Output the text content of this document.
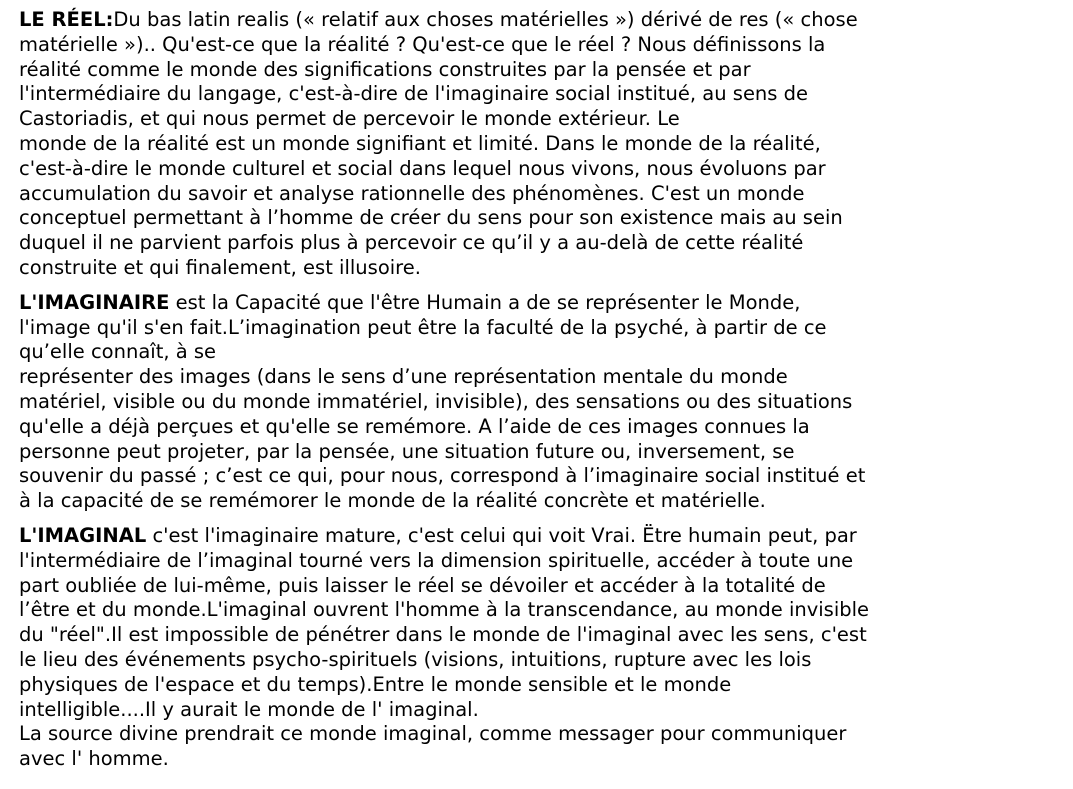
LE RÉEL:Du bas latin realis (« relatif aux choses matérielles ») dérivé de res (« chose
matérielle »).. Qu'est-ce que la réalité ? Qu'est-ce que le réel ? Nous définissons la
réalité comme le monde des significations construites par la pensée et par
l'intermédiaire du langage, c'est-à-dire de l'imaginaire social institué, au sens de
Castoriadis, et qui nous permet de percevoir le monde extérieur. Le
monde de la réalité est un monde signifiant et limité. Dans le monde de la réalité,
c'est-à-dire le monde culturel et social dans lequel nous vivons, nous évoluons par
accumulation du savoir et analyse rationnelle des phénomènes. C'est un monde
conceptuel permettant à l’homme de créer du sens pour son existence mais au sein
duquel il ne parvient parfois plus à percevoir ce qu’il y a au-delà de cette réalité
construite et qui finalement, est illusoire.
L'IMAGINAIRE est la Capacité que l'être Humain a de se représenter le Monde,
l'image qu'il s'en fait.L’imagination peut être la faculté de la psyché, à partir de ce
qu’elle connaît, à se
représenter des images (dans le sens d’une représentation mentale du monde
matériel, visible ou du monde immatériel, invisible), des sensations ou des situations
qu'elle a déjà perçues et qu'elle se remémore. A l’aide de ces images connues la
personne peut projeter, par la pensée, une situation future ou, inversement, se
souvenir du passé ; c’est ce qui, pour nous, correspond à l’imaginaire social institué et
à la capacité de se remémorer le monde de la réalité concrète et matérielle.
L'IMAGINAL c'est l'imaginaire mature, c'est celui qui voit Vrai. Ëtre humain peut, par
l'intermédiaire de l’imaginal tourné vers la dimension spirituelle, accéder à toute une
part oubliée de lui-même, puis laisser le réel se dévoiler et accéder à la totalité de
l’être et du monde.L'imaginal ouvrent l'homme à la transcendance, au monde invisible
du "réel".Il est impossible de pénétrer dans le monde de l'imaginal avec les sens, c'est
le lieu des événements psycho-spirituels (visions, intuitions, rupture avec les lois
physiques de l'espace et du temps).Entre le monde sensible et le monde
intelligible....Il y aurait le monde de l' imaginal.
La source divine prendrait ce monde imaginal, comme messager pour communiquer
avec l' homme.
